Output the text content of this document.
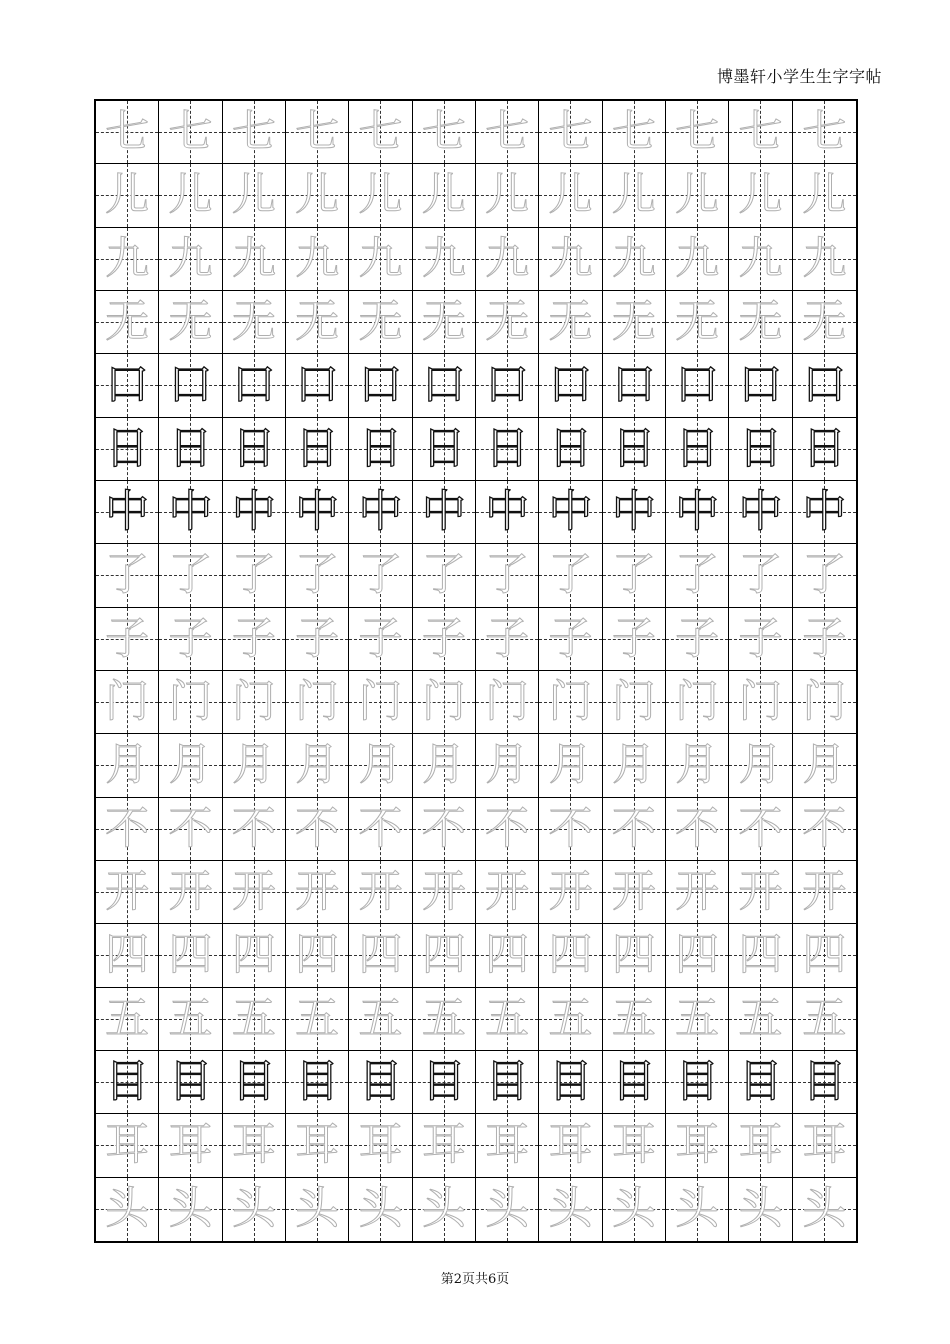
博墨轩小学生生字字帖
七 七 七 七 七 七 七 七 七 七 七 七
儿 儿 儿 儿 儿 儿 儿 儿 儿 儿 儿 儿
九 九 九 九 九 九 九 九 九 九 九 九
无 无 无 无 无 无 无 无 无 无 无 无
口 口 口 口 口 口 口 口 口 口 口 口
日 日 日 日 日 日 日 日 日 日 日 日
中 中 中 中 中 中 中 中 中 中 中 中
了 了 了 了 了 了 了 了 了 了 了 了
子 子 子 子 子 子 子 子 子 子 子 子
门 门 门 门 门 门 门 门 门 门 门 门
月 月 月 月 月 月 月 月 月 月 月 月
不 不 不 不 不 不 不 不 不 不 不 不
开 开 开 开 开 开 开 开 开 开 开 开
四 四 四 四 四 四 四 四 四 四 四 四
五 五 五 五 五 五 五 五 五 五 五 五
目 目 目 目 目 目 目 目 目 目 目 目
耳 耳 耳 耳 耳 耳 耳 耳 耳 耳 耳 耳
头 头 头 头 头 头 头 头 头 头 头 头
第2页共6页
